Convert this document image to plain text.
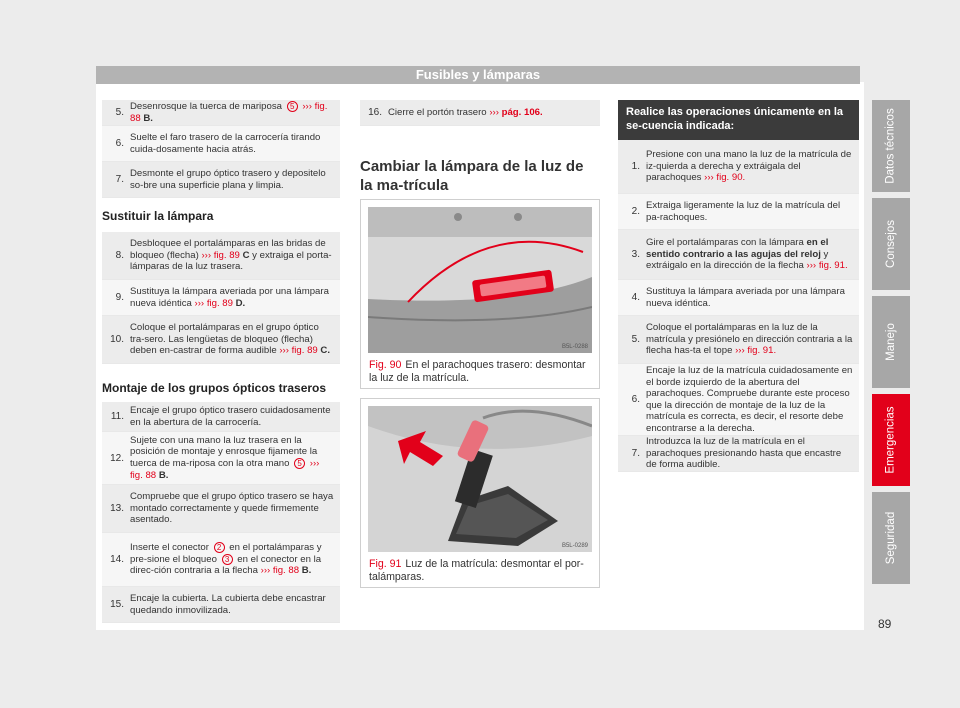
Fusibles y lámparas
5.
Desenrosque la tuerca de mariposa 5 ››› fig. 88 B.
6.
Suelte el faro trasero de la carrocería tirando cuida-dosamente hacia atrás.
7.
Desmonte el grupo óptico trasero y depositelo so-bre una superficie plana y limpia.
Sustituir la lámpara
8.
Desbloquee el portalámparas en las bridas de bloqueo (flecha) ››› fig. 89 C y extraiga el porta-lámparas de la luz trasera.
9.
Sustituya la lámpara averiada por una lámpara nueva idéntica ››› fig. 89 D.
10.
Coloque el portalámparas en el grupo óptico tra-sero. Las lengüetas de bloqueo (flecha) deben en-castrar de forma audible ››› fig. 89 C.
Montaje de los grupos ópticos traseros
11.
Encaje el grupo óptico trasero cuidadosamente en la abertura de la carrocería.
12.
Sujete con una mano la luz trasera en la posición de montaje y enrosque fijamente la tuerca de ma-riposa con la otra mano 5 ››› fig. 88 B.
13.
Compruebe que el grupo óptico trasero se haya montado correctamente y quede firmemente asentado.
14.
Inserte el conector 2 en el portalámparas y pre-sione el bloqueo 3 en el conector en la direc-ción contraria a la flecha ››› fig. 88 B.
15.
Encaje la cubierta. La cubierta debe encastrar quedando inmovilizada.
16. Cierre el portón trasero ››› pág. 106.
Cambiar la lámpara de la luz de la ma-trícula
B5L-0288
Fig. 90 En el parachoques trasero: desmontar la luz de la matrícula.
B5L-0289
Fig. 91 Luz de la matrícula: desmontar el por-talámparas.
Realice las operaciones únicamente en la se-cuencia indicada:
1.
Presione con una mano la luz de la matrícula de iz-quierda a derecha y extráigala del parachoques ››› fig. 90.
2.
Extraiga ligeramente la luz de la matrícula del pa-rachoques.
3.
Gire el portalámparas con la lámpara en el sentido contrario a las agujas del reloj y extráigalo en la dirección de la flecha ››› fig. 91.
4.
Sustituya la lámpara averiada por una lámpara nueva idéntica.
5.
Coloque el portalámparas en la luz de la matrícula y presiónelo en dirección contraria a la flecha has-ta el tope ››› fig. 91.
6.
Encaje la luz de la matrícula cuidadosamente en el borde izquierdo de la abertura del parachoques. Compruebe durante este proceso que la dirección de montaje de la luz de la matrícula es correcta, es decir, el resorte debe encontrarse a la derecha.
7.
Introduzca la luz de la matrícula en el parachoques presionando hasta que encastre de forma audible.
Datos técnicos
Consejos
Manejo
Emergencias
Seguridad
89
